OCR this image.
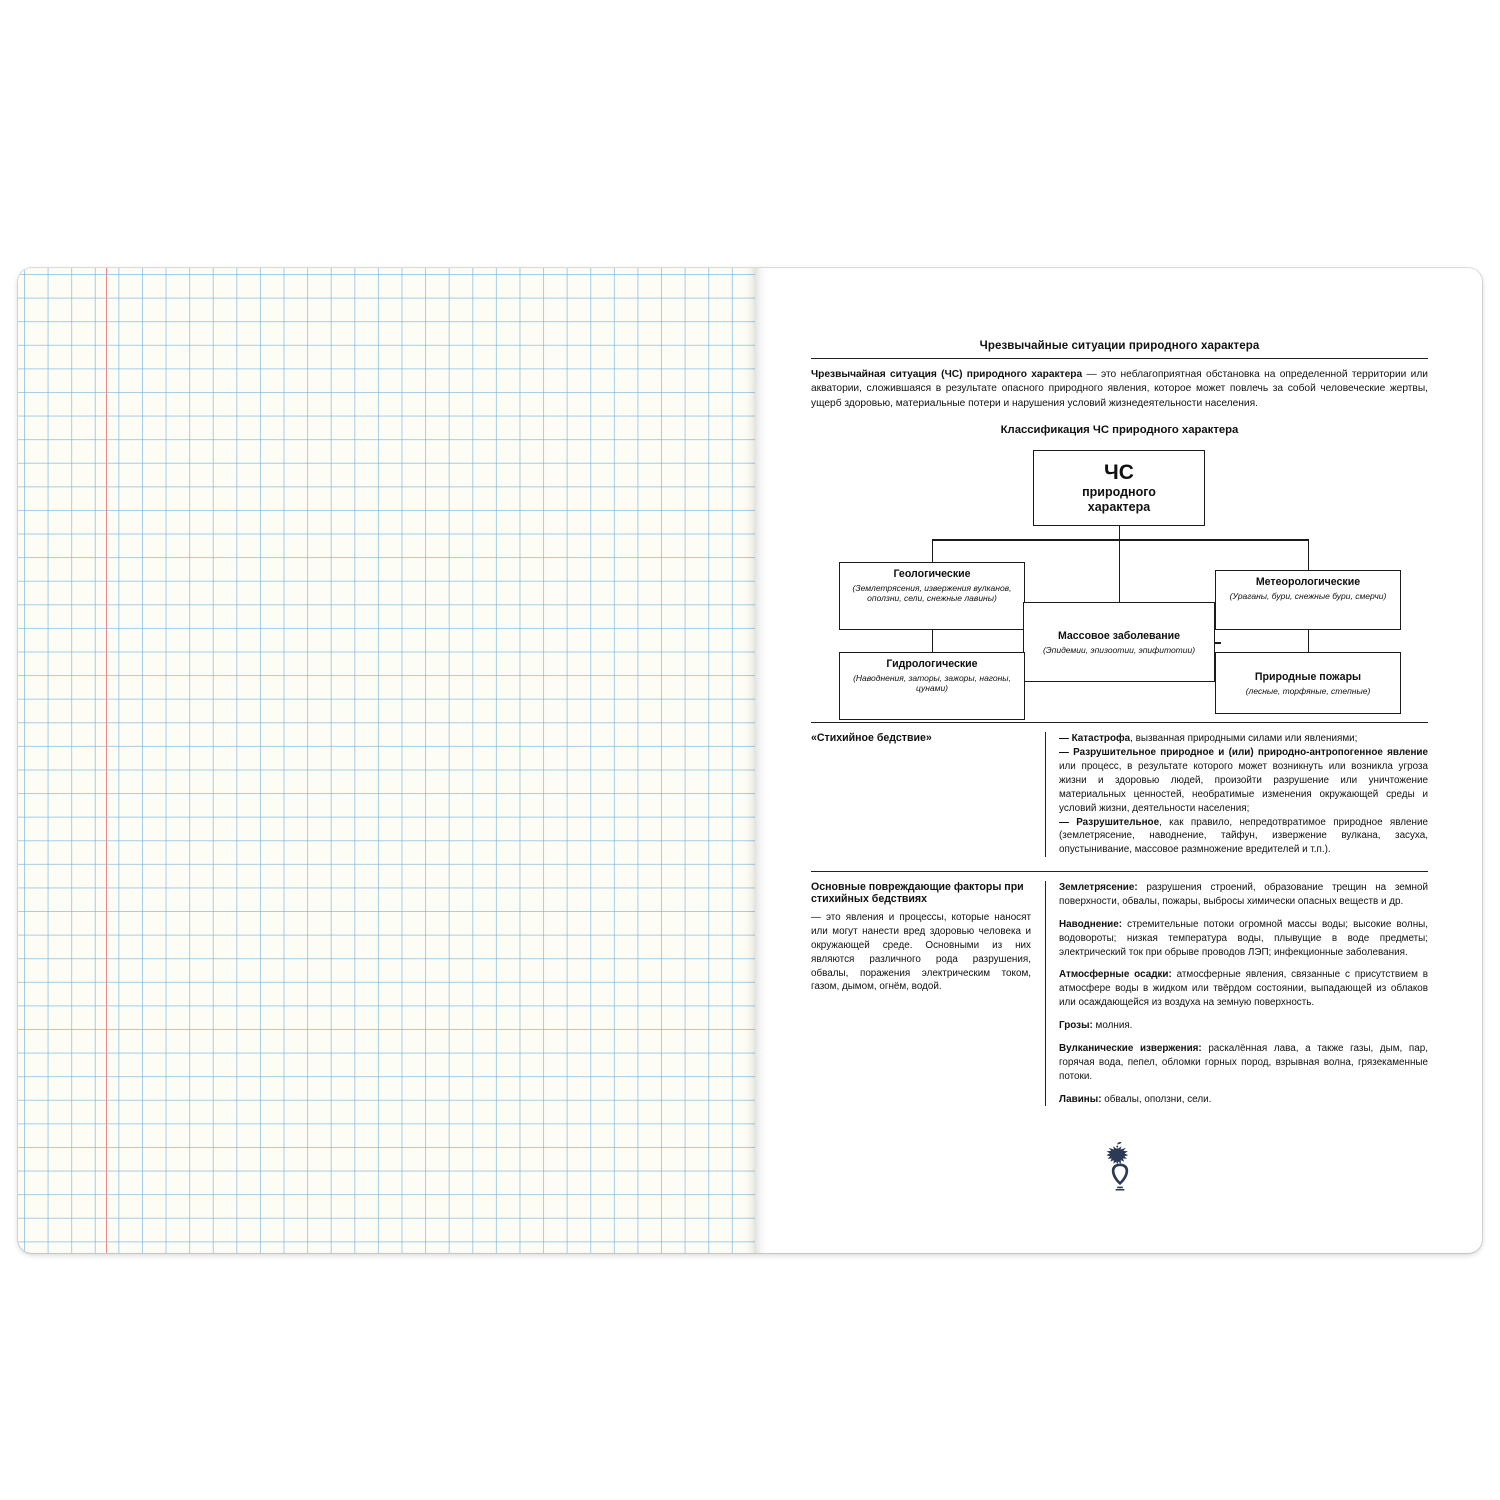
Чрезвычайные ситуации природного характера
Чрезвычайная ситуация (ЧС) природного характера — это неблагоприятная обстановка на определенной территории или акватории, сложившаяся в результате опасного природного явления, которое может повлечь за собой человеческие жертвы, ущерб здоровью, материальные потери и нарушения условий жизнедеятельности населения.
Классификация ЧС природного характера
ЧС
природного
характера
Геологические
(Землетрясения, извержения вулканов, оползни, сели, снежные лавины)
Метеорологические
(Ураганы, бури, снежные бури, смерчи)
Массовое заболевание
(Эпидемии, эпизоотии, эпифитотии)
Гидрологические
(Наводнения, заторы, зажоры, нагоны, цунами)
Природные пожары
(лесные, торфяные, степные)
«Стихийное бедствие»	— Катастрофа, вызванная природными силами или явлениями;
— Разрушительное природное и (или) природно-антропогенное явление или процесс, в результате которого может возникнуть или возникла угроза жизни и здоровью людей, произойти разрушение или уничтожение материальных ценностей, необратимые изменения окружающей среды и условий жизни, деятельности населения;
— Разрушительное, как правило, непредотвратимое природное явление (землетрясение, наводнение, тайфун, извержение вулкана, засуха, опустынивание, массовое размножение вредителей и т.п.).
Основные повреждающие факторы при стихийных бедствиях
— это явления и процессы, которые наносят или могут нанести вред здоровью человека и окружающей среде. Основными из них являются различного рода разрушения, обвалы, поражения электрическим током, газом, дымом, огнём, водой.
Землетрясение: разрушения строений, образование трещин на земной поверхности, обвалы, пожары, выбросы химически опасных веществ и др.
Наводнение: стремительные потоки огромной массы воды; высокие волны, водовороты; низкая температура воды, плывущие в воде предметы; электрический ток при обрыве проводов ЛЭП; инфекционные заболевания.
Атмосферные осадки: атмосферные явления, связанные с присутствием в атмосфере воды в жидком или твёрдом состоянии, выпадающей из облаков или осаждающейся из воздуха на земную поверхность.
Грозы: молния.
Вулканические извержения: раскалённая лава, а также газы, дым, пар, горячая вода, пепел, обломки горных пород, взрывная волна, грязекаменные потоки.
Лавины: обвалы, оползни, сели.
